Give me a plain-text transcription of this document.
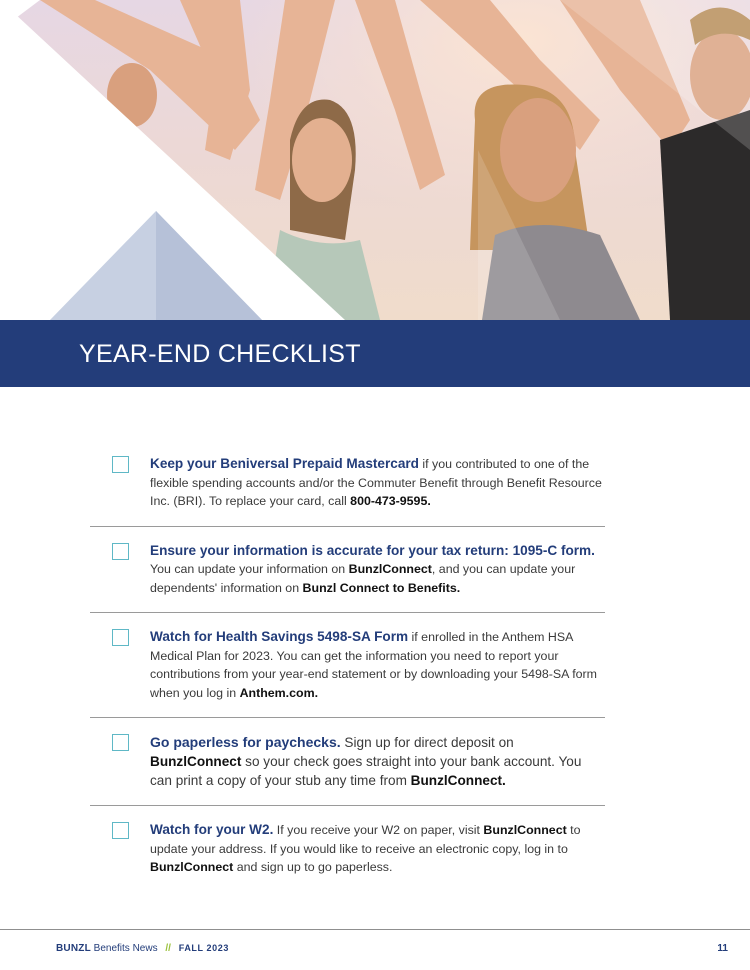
YEAR-END CHECKLIST

Keep your Beniversal Prepaid Mastercard if you contributed to one of the flexible spending accounts and/or the Commuter Benefit through Benefit Resource Inc. (BRI). To replace your card, call 800-473-9595.

Ensure your information is accurate for your tax return: 1095-C form. You can update your information on BunzlConnect, and you can update your dependents' information on Bunzl Connect to Benefits.

Watch for Health Savings 5498-SA Form if enrolled in the Anthem HSA Medical Plan for 2023. You can get the information you need to report your contributions from your year-end statement or by downloading your 5498-SA form when you log in Anthem.com.

Go paperless for paychecks. Sign up for direct deposit on BunzlConnect so your check goes straight into your bank account. You can print a copy of your stub any time from BunzlConnect.

Watch for your W2. If you receive your W2 on paper, visit BunzlConnect to update your address. If you would like to receive an electronic copy, log in to BunzlConnect and sign up to go paperless.

BUNZL Benefits News // FALL 2023	11
